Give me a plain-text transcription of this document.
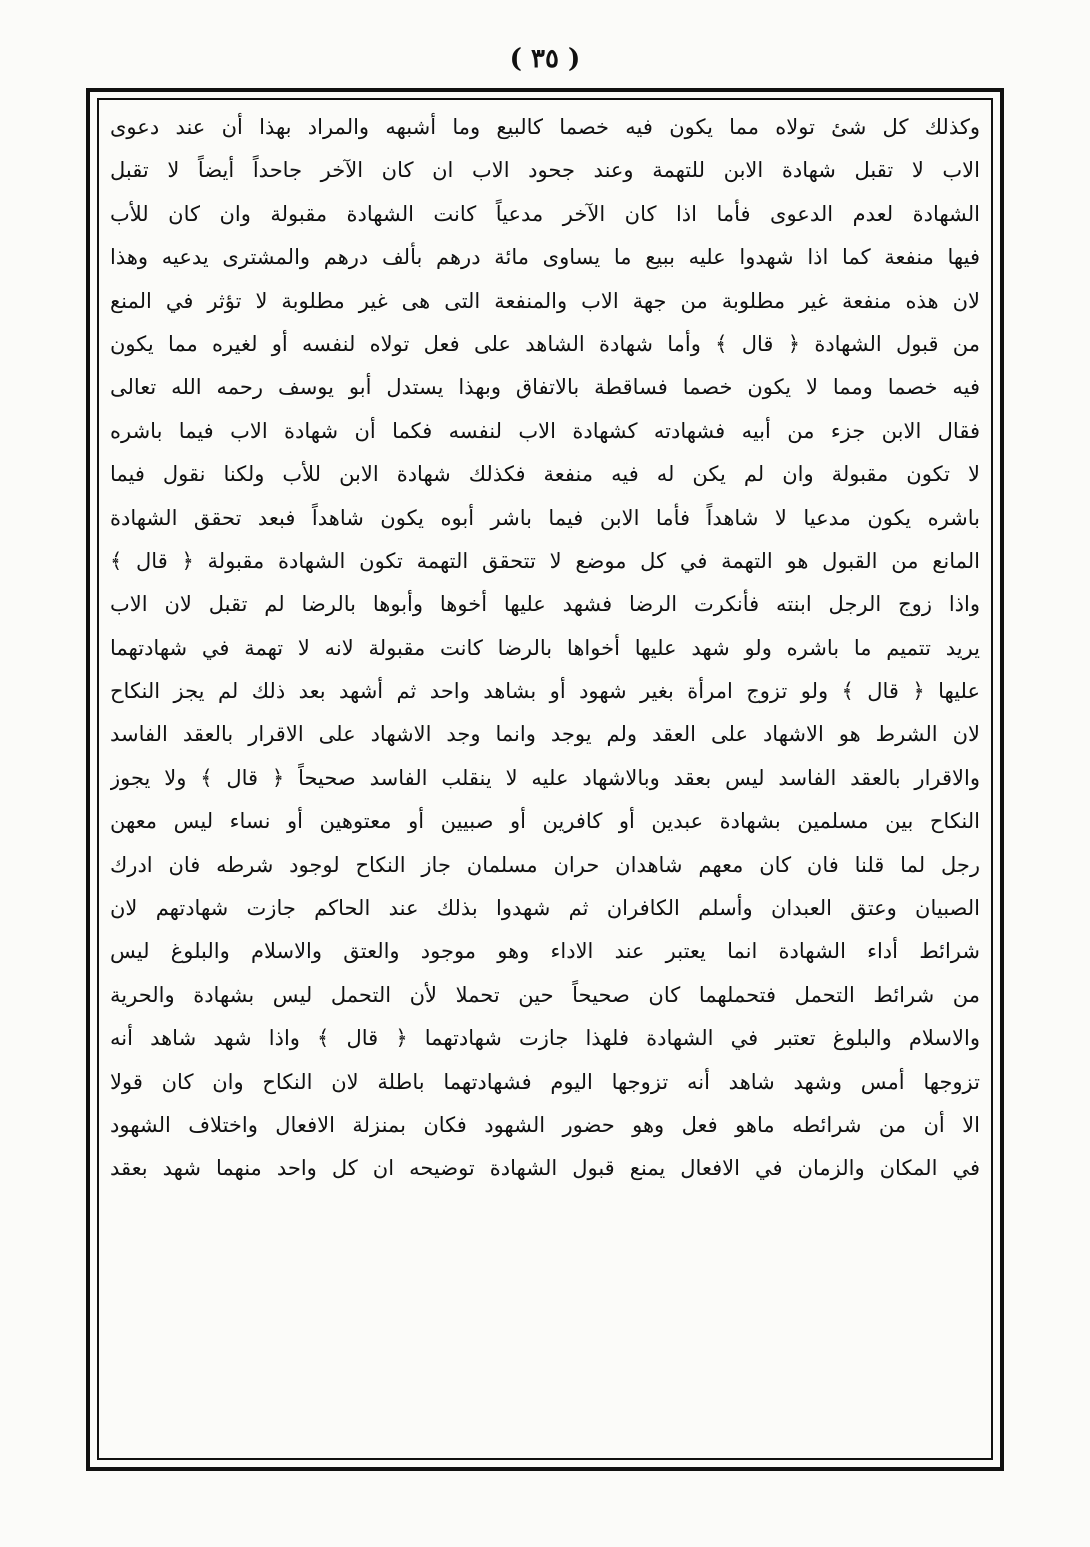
( ٣٥ )
وكذلك كل شئ تولاه مما يكون فيه خصما كالبيع وما أشبهه والمراد بهذا أن عند دعوى
الاب لا تقبل شهادة الابن للتهمة وعند جحود الاب ان كان الآخر جاحداً أيضاً لا تقبل
الشهادة لعدم الدعوى فأما اذا كان الآخر مدعياً كانت الشهادة مقبولة وان كان للأب
فيها منفعة كما اذا شهدوا عليه ببيع ما يساوى مائة درهم بألف درهم والمشترى يدعيه وهذا
لان هذه منفعة غير مطلوبة من جهة الاب والمنفعة التى هى غير مطلوبة لا تؤثر في المنع
من قبول الشهادة ﴿ قال ﴾ وأما شهادة الشاهد على فعل تولاه لنفسه أو لغيره مما يكون
فيه خصما ومما لا يكون خصما فساقطة بالاتفاق وبهذا يستدل أبو يوسف رحمه الله تعالى
فقال الابن جزء من أبيه فشهادته كشهادة الاب لنفسه فكما أن شهادة الاب فيما باشره
لا تكون مقبولة وان لم يكن له فيه منفعة فكذلك شهادة الابن للأب ولكنا نقول فيما
باشره يكون مدعيا لا شاهداً فأما الابن فيما باشر أبوه يكون شاهداً فبعد تحقق الشهادة
المانع من القبول هو التهمة في كل موضع لا تتحقق التهمة تكون الشهادة مقبولة ﴿ قال ﴾
واذا زوج الرجل ابنته فأنكرت الرضا فشهد عليها أخوها وأبوها بالرضا لم تقبل لان الاب
يريد تتميم ما باشره ولو شهد عليها أخواها بالرضا كانت مقبولة لانه لا تهمة في شهادتهما
عليها ﴿ قال ﴾ ولو تزوج امرأة بغير شهود أو بشاهد واحد ثم أشهد بعد ذلك لم يجز النكاح
لان الشرط هو الاشهاد على العقد ولم يوجد وانما وجد الاشهاد على الاقرار بالعقد الفاسد
والاقرار بالعقد الفاسد ليس بعقد وبالاشهاد عليه لا ينقلب الفاسد صحيحاً ﴿ قال ﴾ ولا يجوز
النكاح بين مسلمين بشهادة عبدين أو كافرين أو صبيين أو معتوهين أو نساء ليس معهن
رجل لما قلنا فان كان معهم شاهدان حران مسلمان جاز النكاح لوجود شرطه فان ادرك
الصبيان وعتق العبدان وأسلم الكافران ثم شهدوا بذلك عند الحاكم جازت شهادتهم لان
شرائط أداء الشهادة انما يعتبر عند الاداء وهو موجود والعتق والاسلام والبلوغ ليس
من شرائط التحمل فتحملهما كان صحيحاً حين تحملا لأن التحمل ليس بشهادة والحرية
والاسلام والبلوغ تعتبر في الشهادة فلهذا جازت شهادتهما ﴿ قال ﴾ واذا شهد شاهد أنه
تزوجها أمس وشهد شاهد أنه تزوجها اليوم فشهادتهما باطلة لان النكاح وان كان قولا
الا أن من شرائطه ماهو فعل وهو حضور الشهود فكان بمنزلة الافعال واختلاف الشهود
في المكان والزمان في الافعال يمنع قبول الشهادة توضيحه ان كل واحد منهما شهد بعقد
